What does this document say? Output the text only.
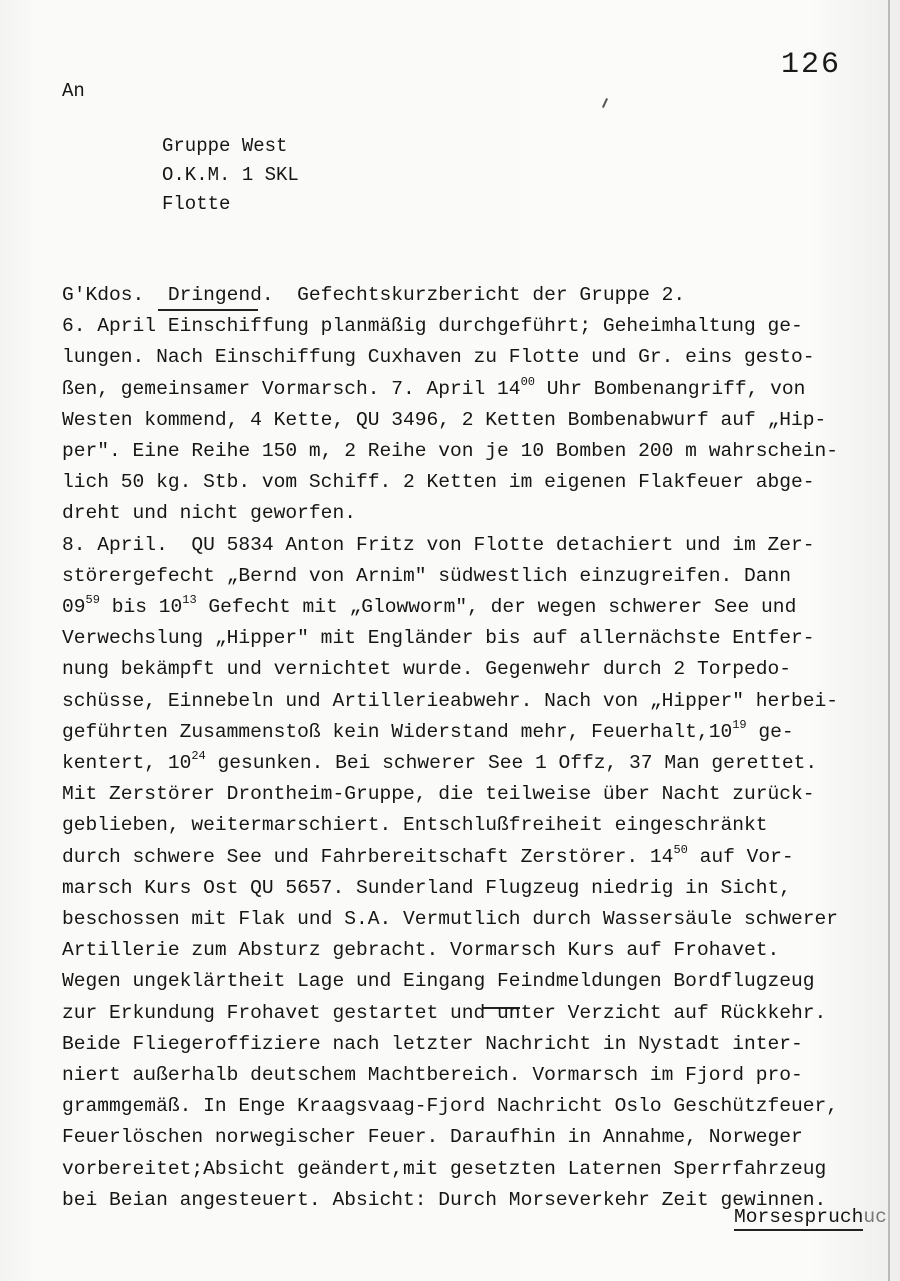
126
An
Gruppe West
O.K.M. 1 SKL
Flotte
G'Kdos.  Dringend.  Gefechtskurzbericht der Gruppe 2.
6. April Einschiffung planmäßig durchgeführt; Geheimhaltung ge-
lungen. Nach Einschiffung Cuxhaven zu Flotte und Gr. eins gesto-
ßen, gemeinsamer Vormarsch. 7. April $14^{00}$ Uhr Bombenangriff, von
Westen kommend, 4 Kette, QU 3496, 2 Ketten Bombenabwurf auf „Hip-
per". Eine Reihe 150 m, 2 Reihe von je 10 Bomben 200 m wahrschein-
lich 50 kg. Stb. vom Schiff. 2 Ketten im eigenen Flakfeuer abge-
dreht und nicht geworfen.
8. April.  QU 5834 Anton Fritz von Flotte detachiert und im Zer-
störergefecht „Bernd von Arnim" südwestlich einzugreifen. Dann
$09^{59}$ bis $10^{13}$ Gefecht mit „Glowworm", der wegen schwerer See und
Verwechslung „Hipper" mit Engländer bis auf allernächste Entfer-
nung bekämpft und vernichtet wurde. Gegenwehr durch 2 Torpedo-
schüsse, Einnebeln und Artillerieabwehr. Nach von „Hipper" herbei-
geführten Zusammenstoß kein Widerstand mehr, $Feuerhalt,10^{19}$ ge-
kentert, $10^{24}$ gesunken. Bei schwerer See 1 Offz, 37 Man gerettet.
Mit Zerstörer Drontheim-Gruppe, die teilweise über Nacht zurück-
geblieben, weitermarschiert. Entschlußfreiheit eingeschränkt
durch schwere See und Fahrbereitschaft Zerstörer. $14^{50}$ auf Vor-
marsch Kurs Ost QU 5657. Sunderland Flugzeug niedrig in Sicht,
beschossen mit Flak und S.A. Vermutlich durch Wassersäule schwerer
Artillerie zum Absturz gebracht. Vormarsch Kurs auf Frohavet.
Wegen ungeklärtheit Lage und Eingang Feindmeldungen Bordflugzeug
zur Erkundung Frohavet gestartet und unter Verzicht auf Rückkehr.
Beide Fliegeroffiziere nach letzter Nachricht in Nystadt inter-
niert außerhalb deutschem Machtbereich. Vormarsch im Fjord pro-
grammgemäß. In Enge Kraagsvaag-Fjord Nachricht Oslo Geschützfeuer,
Feuerlöschen norwegischer Feuer. Daraufhin in Annahme, Norweger
vorbereitet;Absicht geändert,mit gesetzten Laternen Sperrfahrzeug
bei Beian angesteuert. Absicht: Durch Morseverkehr Zeit gewinnen.
Morsespruchuc
